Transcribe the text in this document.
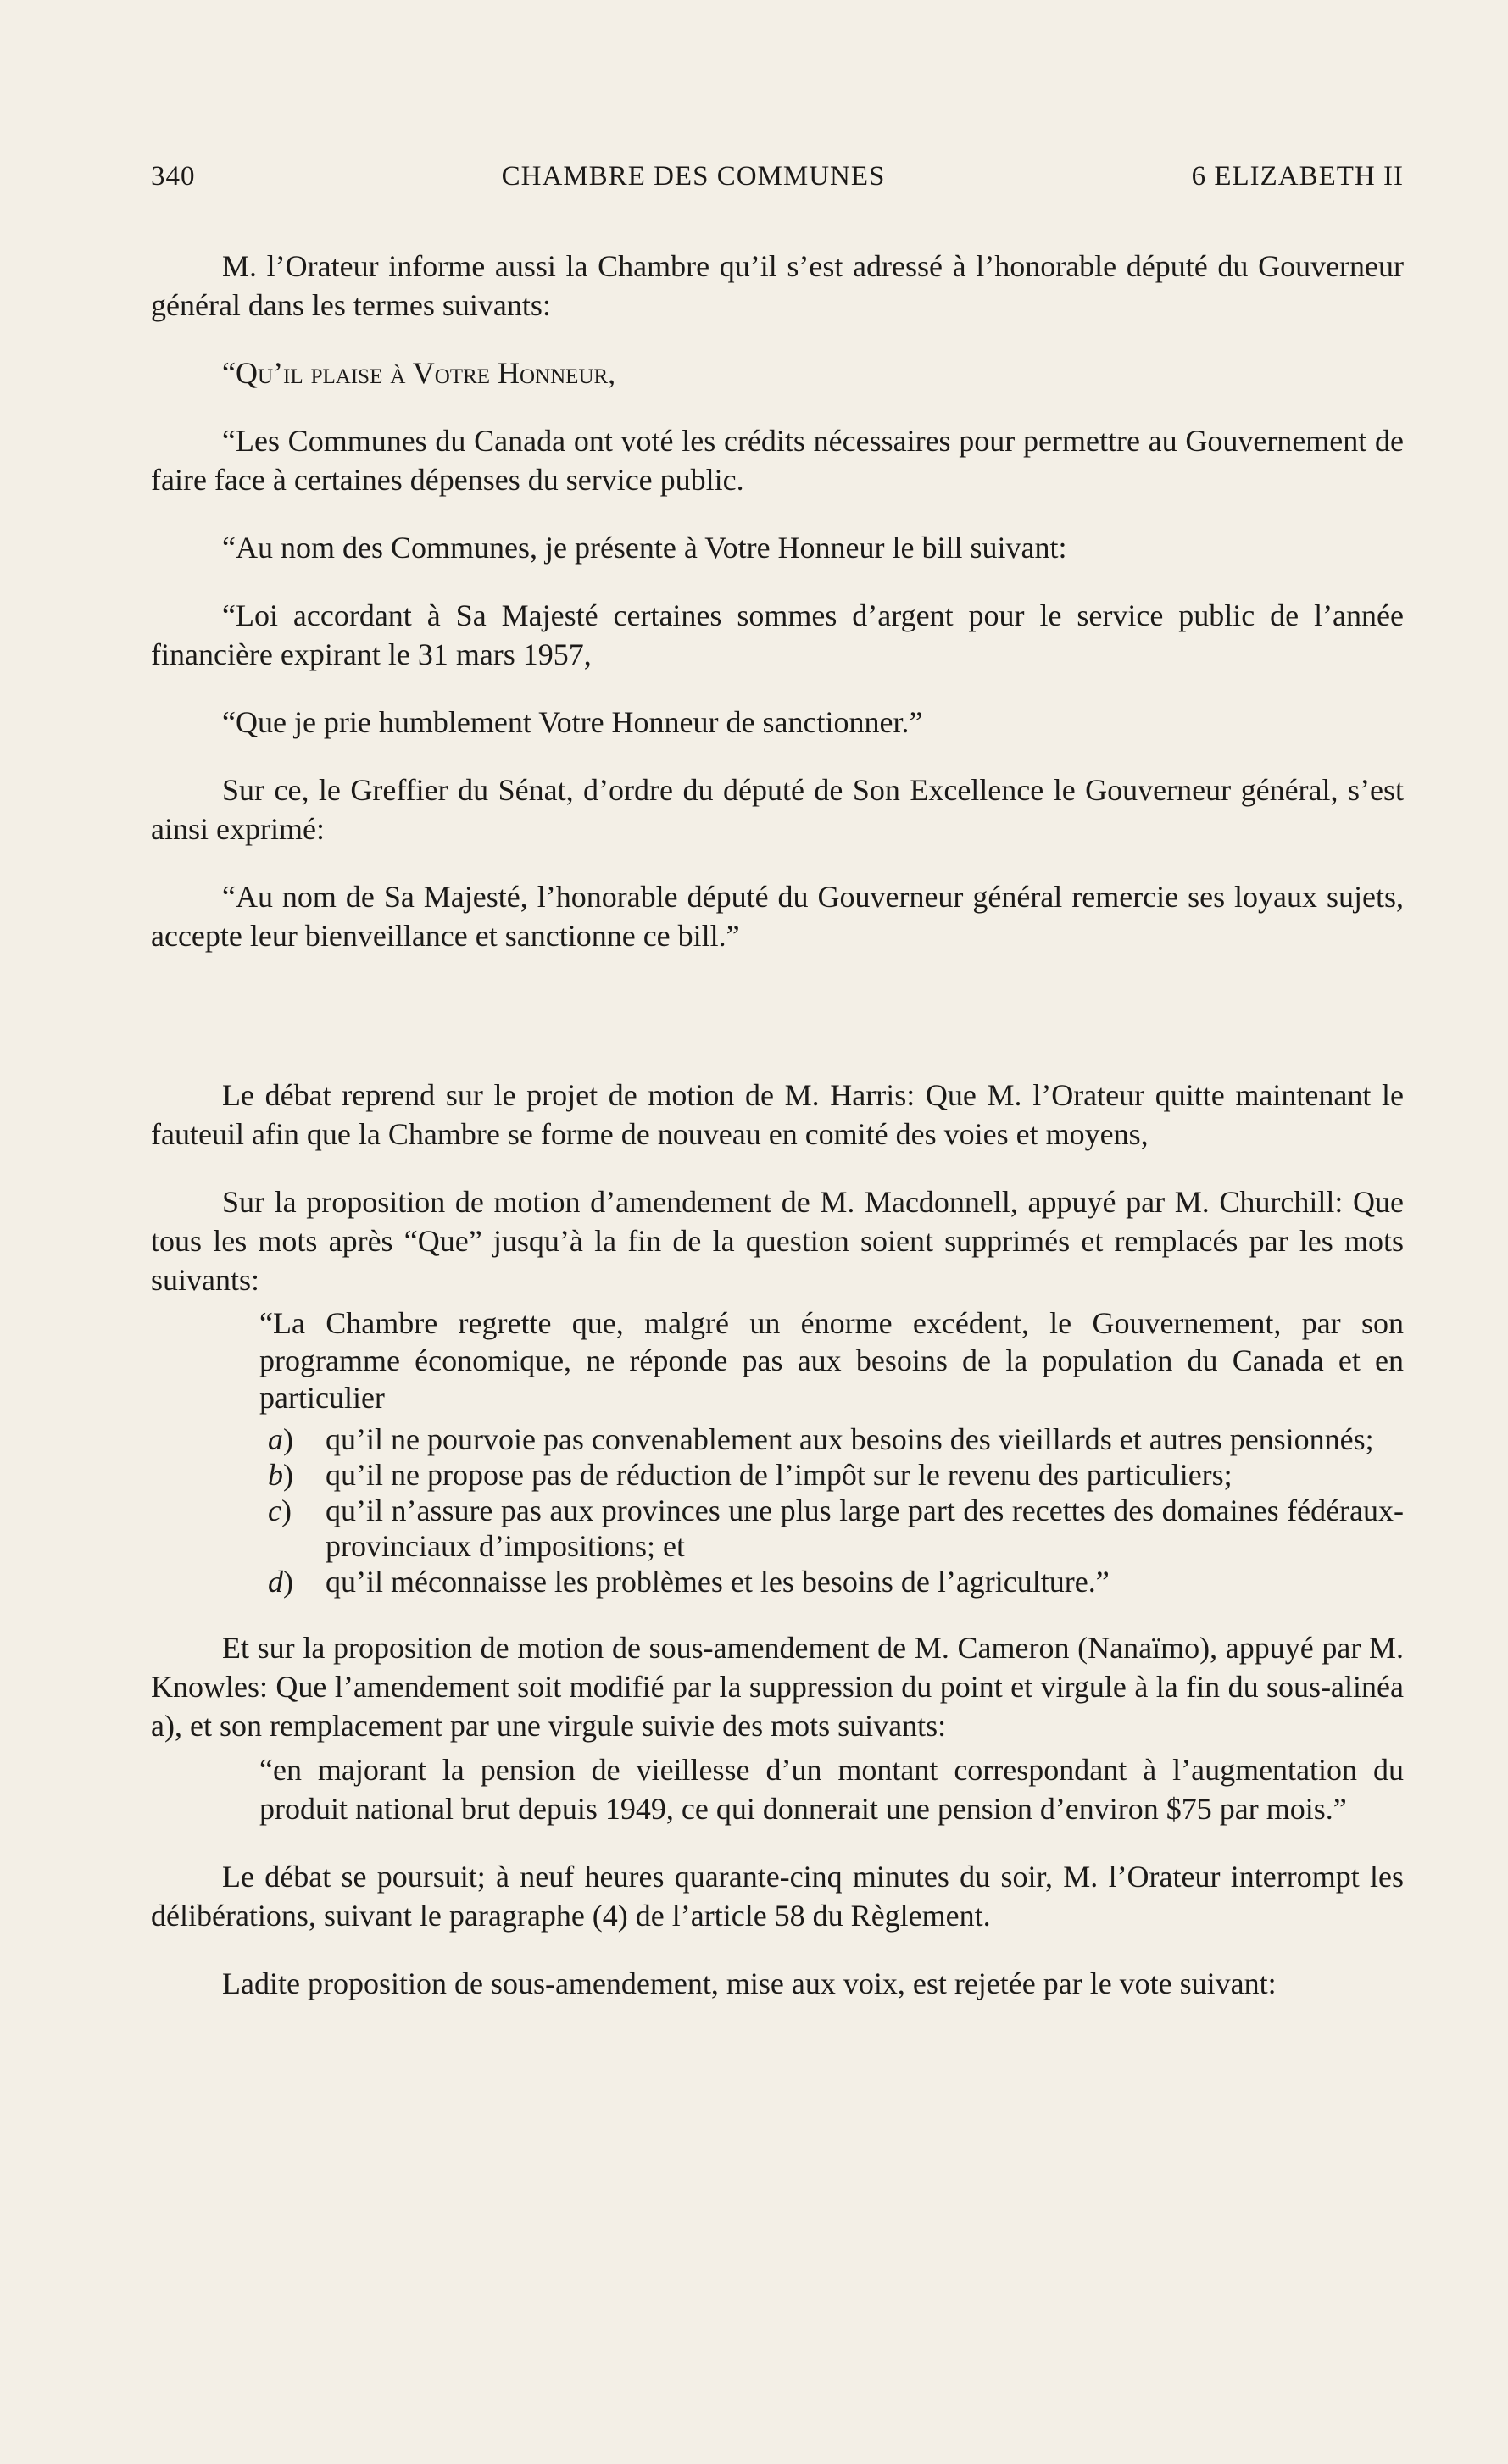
340	CHAMBRE DES COMMUNES	6 ELIZABETH II

M. l’Orateur informe aussi la Chambre qu’il s’est adressé à l’honorable député du Gouverneur général dans les termes suivants:

“Qu’il plaise à Votre Honneur,

“Les Communes du Canada ont voté les crédits nécessaires pour permettre au Gouvernement de faire face à certaines dépenses du service public.

“Au nom des Communes, je présente à Votre Honneur le bill suivant:

“Loi accordant à Sa Majesté certaines sommes d’argent pour le service public de l’année financière expirant le 31 mars 1957,

“Que je prie humblement Votre Honneur de sanctionner.”

Sur ce, le Greffier du Sénat, d’ordre du député de Son Excellence le Gouverneur général, s’est ainsi exprimé:

“Au nom de Sa Majesté, l’honorable député du Gouverneur général remercie ses loyaux sujets, accepte leur bienveillance et sanctionne ce bill.”

Le débat reprend sur le projet de motion de M. Harris: Que M. l’Orateur quitte maintenant le fauteuil afin que la Chambre se forme de nouveau en comité des voies et moyens,

Sur la proposition de motion d’amendement de M. Macdonnell, appuyé par M. Churchill: Que tous les mots après “Que” jusqu’à la fin de la question soient supprimés et remplacés par les mots suivants:

“La Chambre regrette que, malgré un énorme excédent, le Gouvernement, par son programme économique, ne réponde pas aux besoins de la population du Canada et en particulier

a)	qu’il ne pourvoie pas convenablement aux besoins des vieillards et autres pensionnés;
b)	qu’il ne propose pas de réduction de l’impôt sur le revenu des particuliers;
c)	qu’il n’assure pas aux provinces une plus large part des recettes des domaines fédéraux-provinciaux d’impositions; et
d)	qu’il méconnaisse les problèmes et les besoins de l’agriculture.”

Et sur la proposition de motion de sous-amendement de M. Cameron (Nanaïmo), appuyé par M. Knowles: Que l’amendement soit modifié par la suppression du point et virgule à la fin du sous-alinéa a), et son remplacement par une virgule suivie des mots suivants:

“en majorant la pension de vieillesse d’un montant correspondant à l’augmentation du produit national brut depuis 1949, ce qui donnerait une pension d’environ $75 par mois.”

Le débat se poursuit; à neuf heures quarante-cinq minutes du soir, M. l’Orateur interrompt les délibérations, suivant le paragraphe (4) de l’article 58 du Règlement.

Ladite proposition de sous-amendement, mise aux voix, est rejetée par le vote suivant:
